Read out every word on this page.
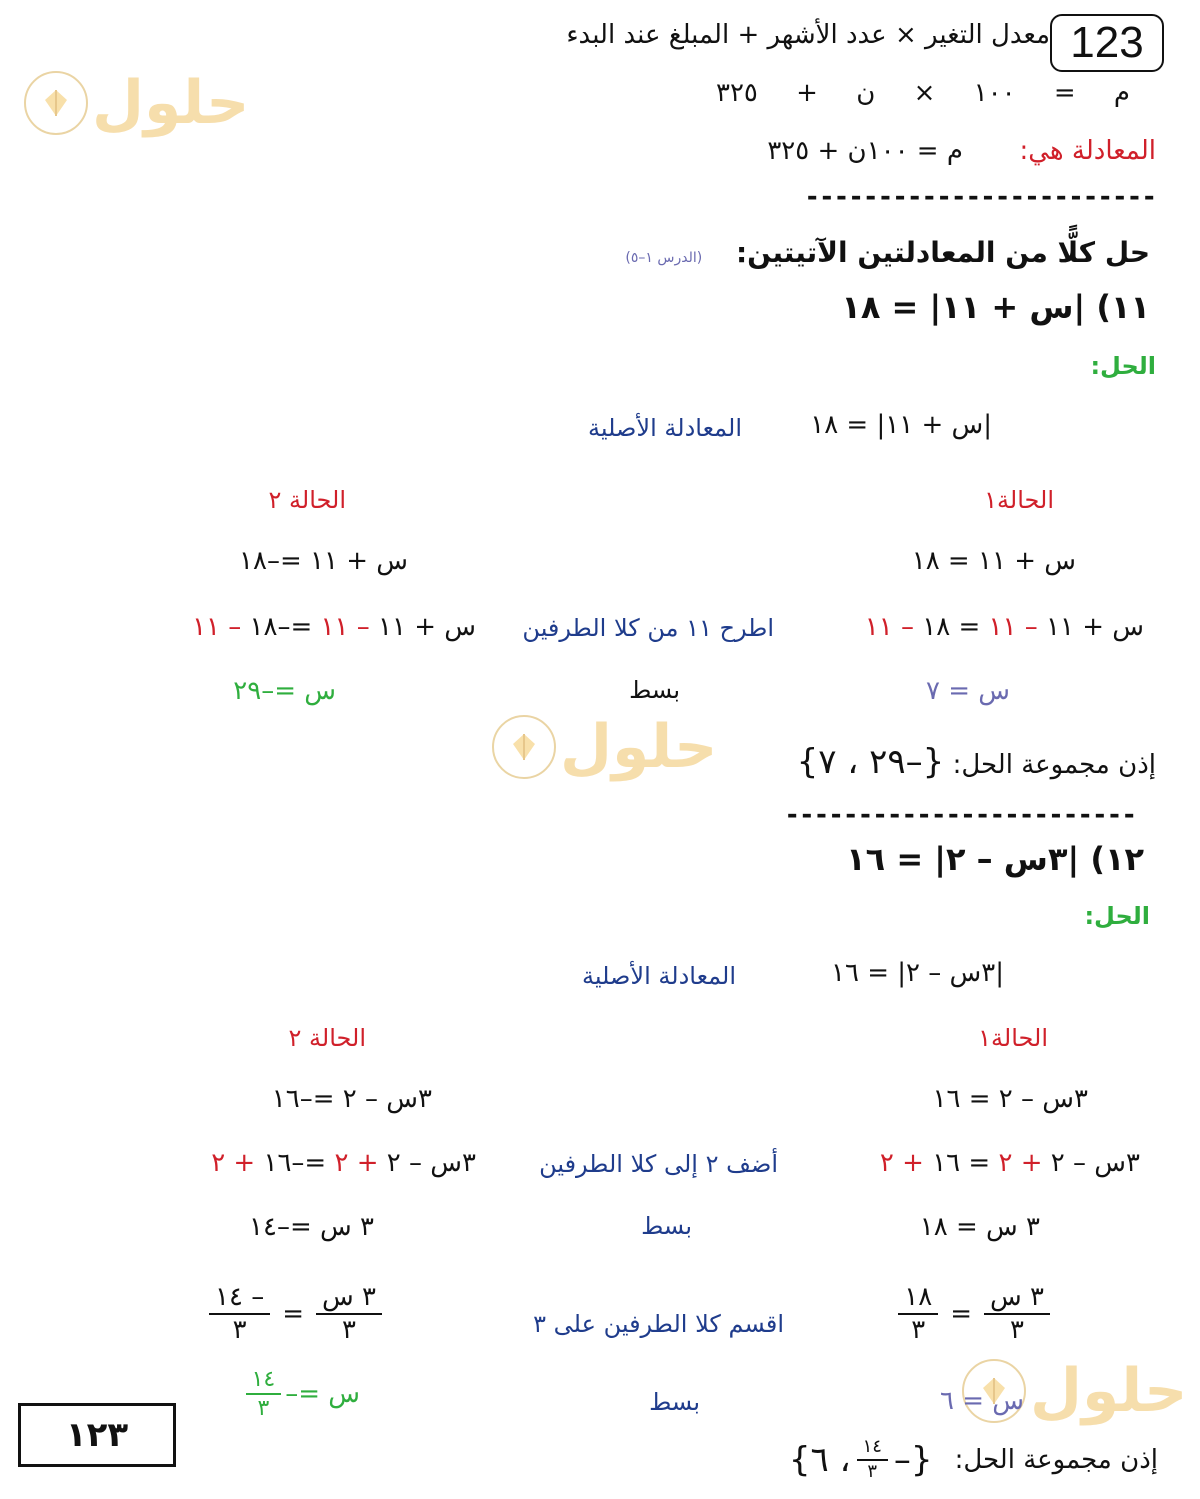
123
حلول
حلول
حلول
معدل التغير × عدد الأشهر + المبلغ عند البدء
م = ١٠٠ × ن + ٣٢٥
المعادلة هي:  م = ١٠٠ن + ٣٢٥
------------------------
حل كلًّا من المعادلتين الآتيتين: (الدرس ١–٥)
١١) |س + ١١| = ١٨
الحل:
|س + ١١| = ١٨
المعادلة الأصلية
الحالة١
الحالة ٢
س + ١١ = ١٨
س + ١١ =–١٨
س + ١١ – ١١ = ١٨ – ١١
اطرح ١١ من كلا الطرفين
س + ١١ – ١١ =–١٨ – ١١
س = ٧
بسط
س =–٢٩
إذن مجموعة الحل: {–٢٩ ، ٧}
------------------------
١٢) |٣س – ٢| = ١٦
الحل:
|٣س – ٢| = ١٦
المعادلة الأصلية
الحالة١
الحالة ٢
٣س – ٢ = ١٦
٣س – ٢ =–١٦
٣س – ٢ + ٢ = ١٦ + ٢
أضف ٢ إلى كلا الطرفين
٣س – ٢ + ٢ =–١٦ + ٢
٣ س = ١٨
بسط
٣ س =–١٤
$\frac{\text{٣ س}}{٣}$
=
$\frac{١٨}{٣}$
اقسم كلا الطرفين على ٣
$\frac{\text{٣ س}}{٣}$
=
$\frac{- ١٤}{٣}$
س = ٦
بسط
س =–
$\frac{١٤}{٣}$
إذن مجموعة الحل:
{–
$\frac{١٤}{٣}$
، ٦}
١٢٣
